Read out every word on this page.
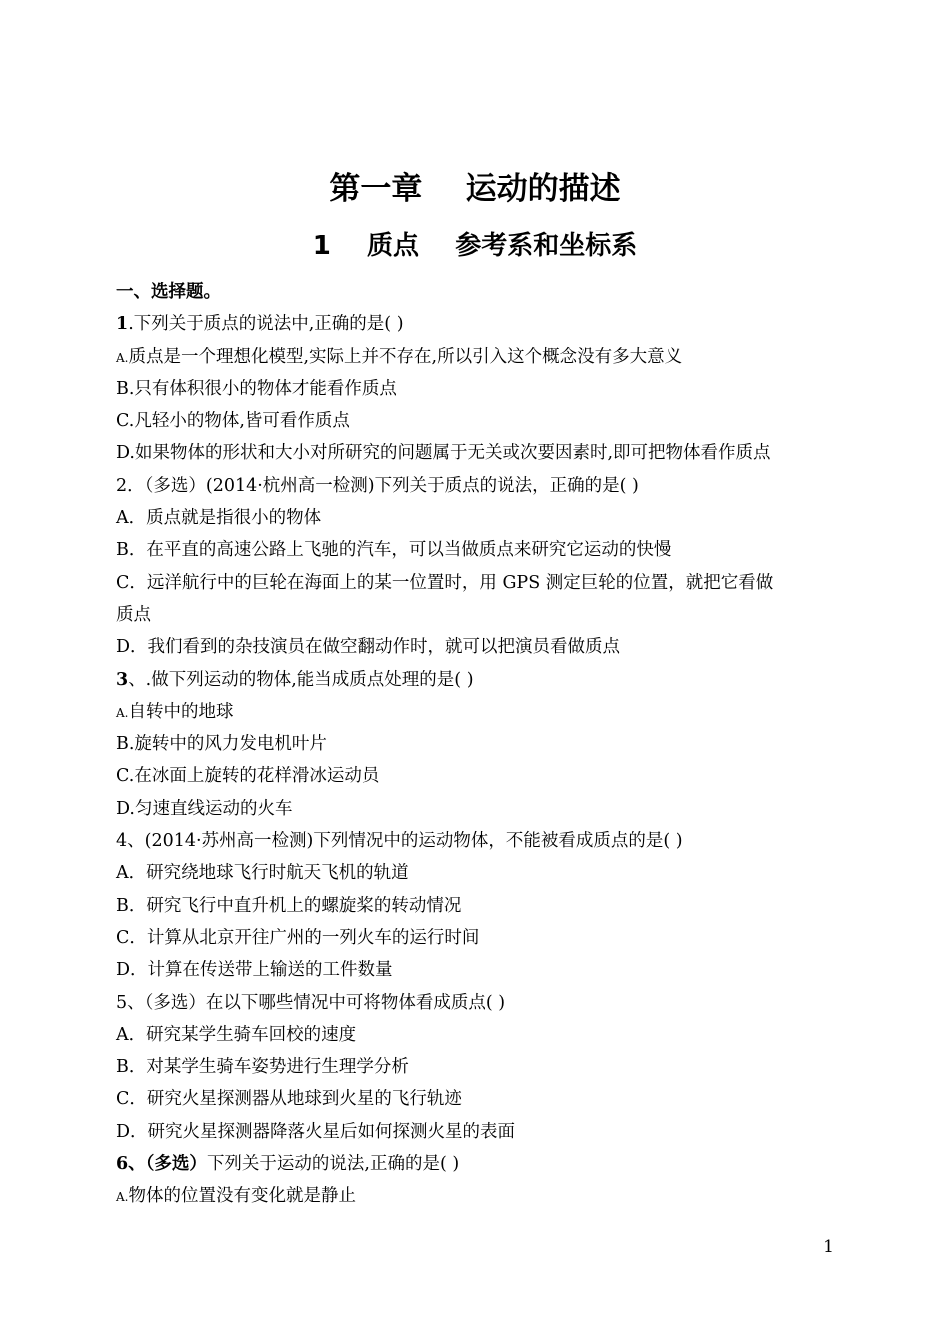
第一章    运动的描述
1    质点    参考系和坐标系
一、选择题。
1.下列关于质点的说法中,正确的是( )
A.质点是一个理想化模型,实际上并不存在,所以引入这个概念没有多大意义
B.只有体积很小的物体才能看作质点
C.凡轻小的物体,皆可看作质点
D.如果物体的形状和大小对所研究的问题属于无关或次要因素时,即可把物体看作质点
2．（多选）(2014·杭州高一检测)下列关于质点的说法，正确的是( )
A．质点就是指很小的物体
B．在平直的高速公路上飞驰的汽车，可以当做质点来研究它运动的快慢
C．远洋航行中的巨轮在海面上的某一位置时，用 GPS 测定巨轮的位置，就把它看做
质点
D．我们看到的杂技演员在做空翻动作时，就可以把演员看做质点
3、.做下列运动的物体,能当成质点处理的是( )
A.自转中的地球
B.旋转中的风力发电机叶片
C.在冰面上旋转的花样滑冰运动员
D.匀速直线运动的火车
4、(2014·苏州高一检测)下列情况中的运动物体，不能被看成质点的是( )
A．研究绕地球飞行时航天飞机的轨道
B．研究飞行中直升机上的螺旋桨的转动情况
C．计算从北京开往广州的一列火车的运行时间
D．计算在传送带上输送的工件数量
5、（多选）在以下哪些情况中可将物体看成质点( )
A．研究某学生骑车回校的速度
B．对某学生骑车姿势进行生理学分析
C．研究火星探测器从地球到火星的飞行轨迹
D．研究火星探测器降落火星后如何探测火星的表面
6、（多选）下列关于运动的说法,正确的是( )
A.物体的位置没有变化就是静止
1
